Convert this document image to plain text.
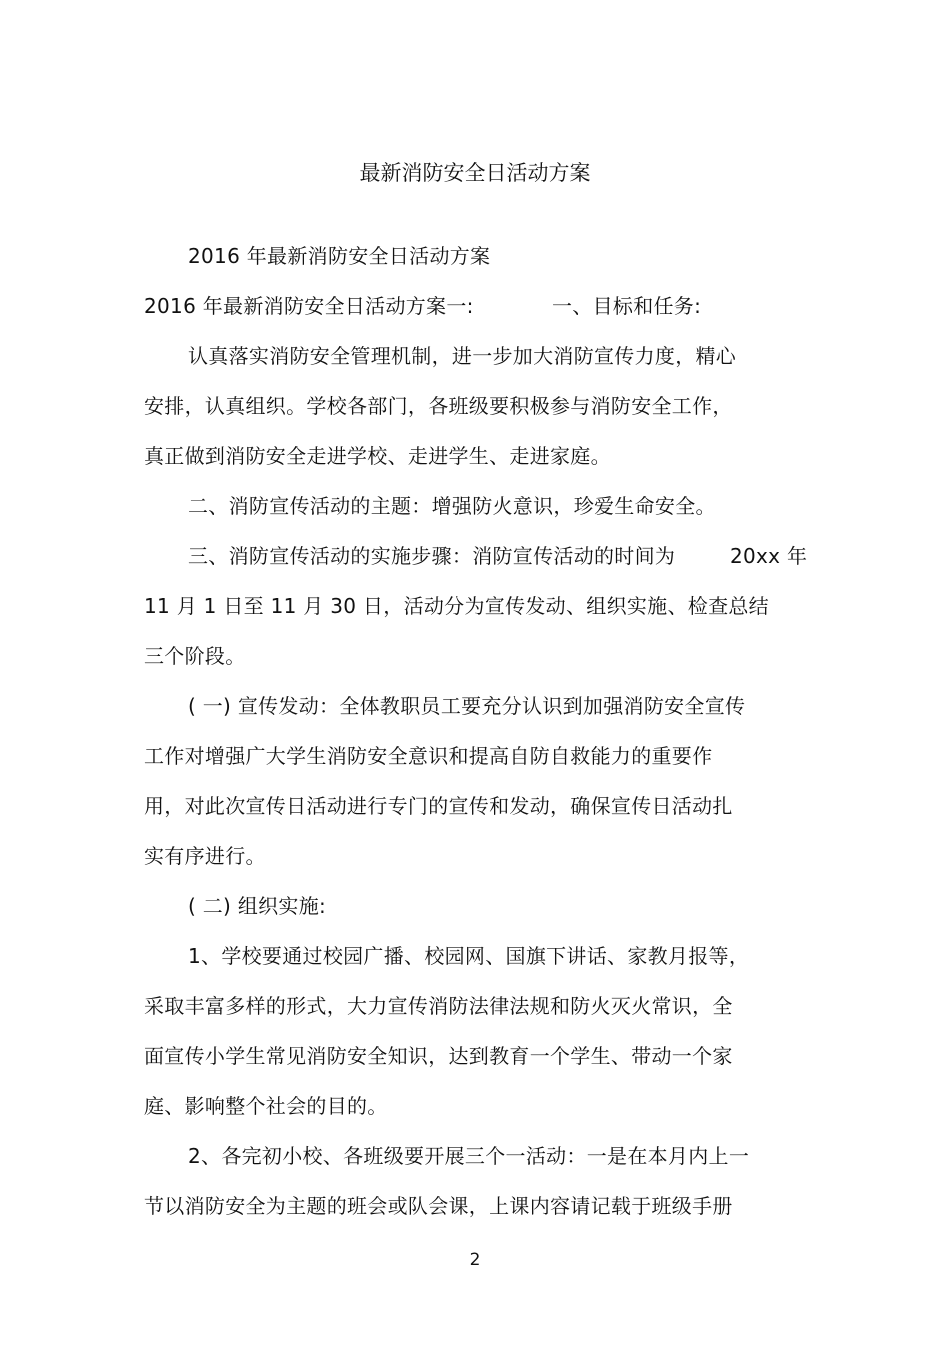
最新消防安全日活动方案
2016 年最新消防安全日活动方案
2016 年最新消防安全日活动方案一:	一、目标和任务:
认真落实消防安全管理机制，进一步加大消防宣传力度，精心
安排，认真组织。学校各部门，各班级要积极参与消防安全工作，
真正做到消防安全走进学校、走进学生、走进家庭。
二、消防宣传活动的主题：增强防火意识，珍爱生命安全。
三、消防宣传活动的实施步骤：消防宣传活动的时间为	20xx 年
11 月 1 日至 11 月 30 日，活动分为宣传发动、组织实施、检查总结
三个阶段。
( 一) 宣传发动：全体教职员工要充分认识到加强消防安全宣传
工作对增强广大学生消防安全意识和提高自防自救能力的重要作
用，对此次宣传日活动进行专门的宣传和发动，确保宣传日活动扎
实有序进行。
( 二) 组织实施:
1、学校要通过校园广播、校园网、国旗下讲话、家教月报等，
采取丰富多样的形式，大力宣传消防法律法规和防火灭火常识，全
面宣传小学生常见消防安全知识，达到教育一个学生、带动一个家
庭、影响整个社会的目的。
2、各完初小校、各班级要开展三个一活动：一是在本月内上一
节以消防安全为主题的班会或队会课，上课内容请记载于班级手册
2
